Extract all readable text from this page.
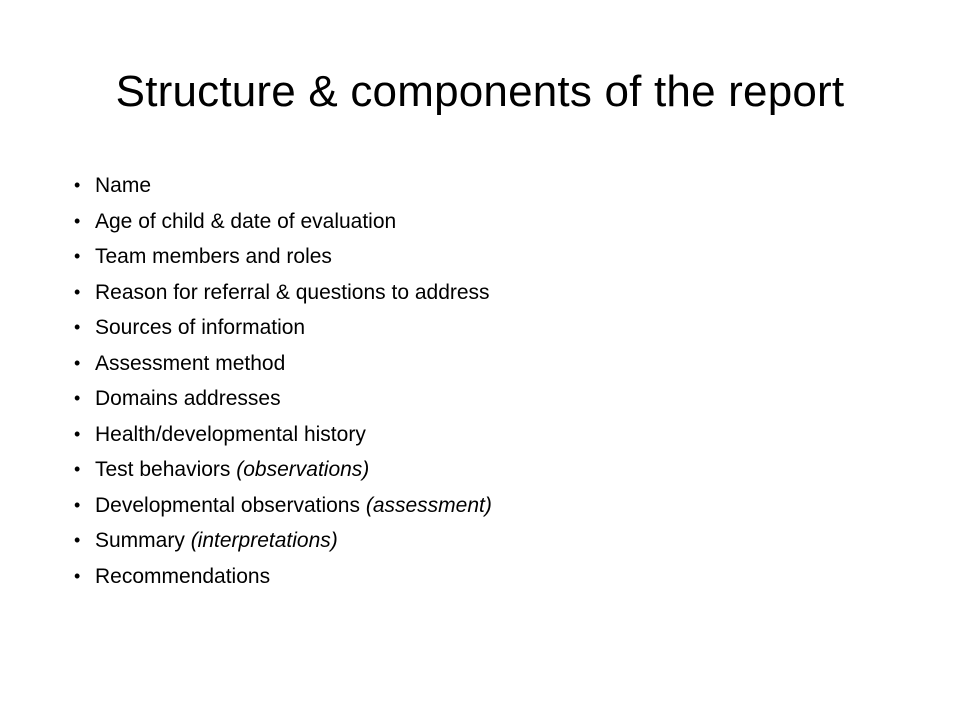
Structure & components of the report
• Name
• Age of child & date of evaluation
• Team members and roles
• Reason for referral & questions to address
• Sources of information
• Assessment method
• Domains addresses
• Health/developmental history
• Test behaviors (observations)
• Developmental observations (assessment)
• Summary (interpretations)
• Recommendations
